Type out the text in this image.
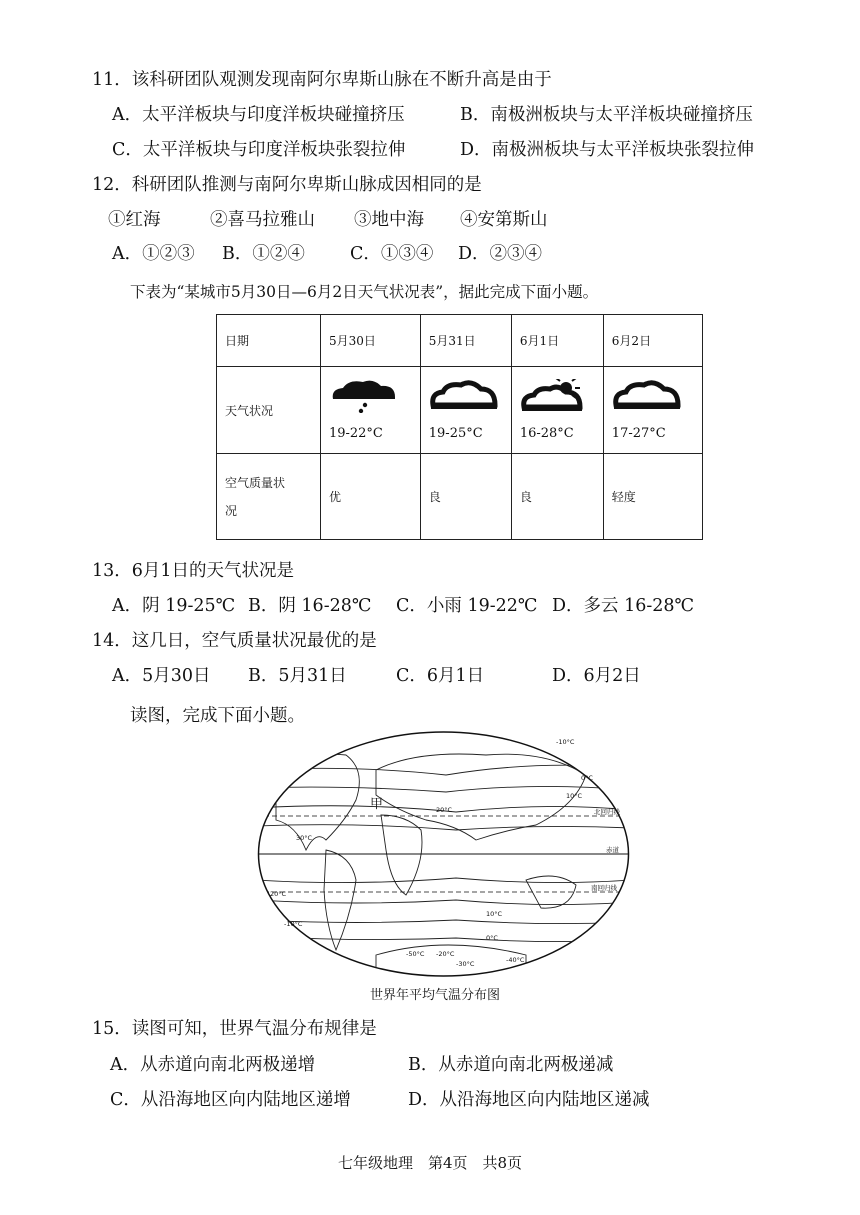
11．该科研团队观测发现南阿尔卑斯山脉在不断升高是由于
A．太平洋板块与印度洋板块碰撞挤压	B．南极洲板块与太平洋板块碰撞挤压
C．太平洋板块与印度洋板块张裂拉伸	D．南极洲板块与太平洋板块张裂拉伸
12．科研团队推测与南阿尔卑斯山脉成因相同的是
①红海	②喜马拉雅山 ③地中海 ④安第斯山
A．①②③ B．①②④	C．①③④ D．②③④
下表为“某城市5月30日—6月2日天气状况表”，据此完成下面小题。
日期	5月30日	5月31日	6月1日	6月2日
天气状况	19-22°C	19-25°C	16-28°C	17-27°C

空气质量状
况	优	良	良	轻度
13．6月1日的天气状况是
A．阴 19-25℃ B．阴 16-28℃ C．小雨 19-22℃ D．多云 16-28℃
14．这几日，空气质量状况最优的是
A．5月30日 B．5月31日	C．6月1日	D．6月2日
读图，完成下面小题。
甲
-10°C
0°C
10°C
20°C
30°C
20°C
10°C
0°C
-10°C
-20°C
-30°C	-40°C
-50°C
北回归线
赤道
南回归线
世界年平均气温分布图
15．读图可知，世界气温分布规律是
A．从赤道向南北两极递增	B．从赤道向南北两极递减
C．从沿海地区向内陆地区递增	D．从沿海地区向内陆地区递减
七年级地理　第4页　共8页
